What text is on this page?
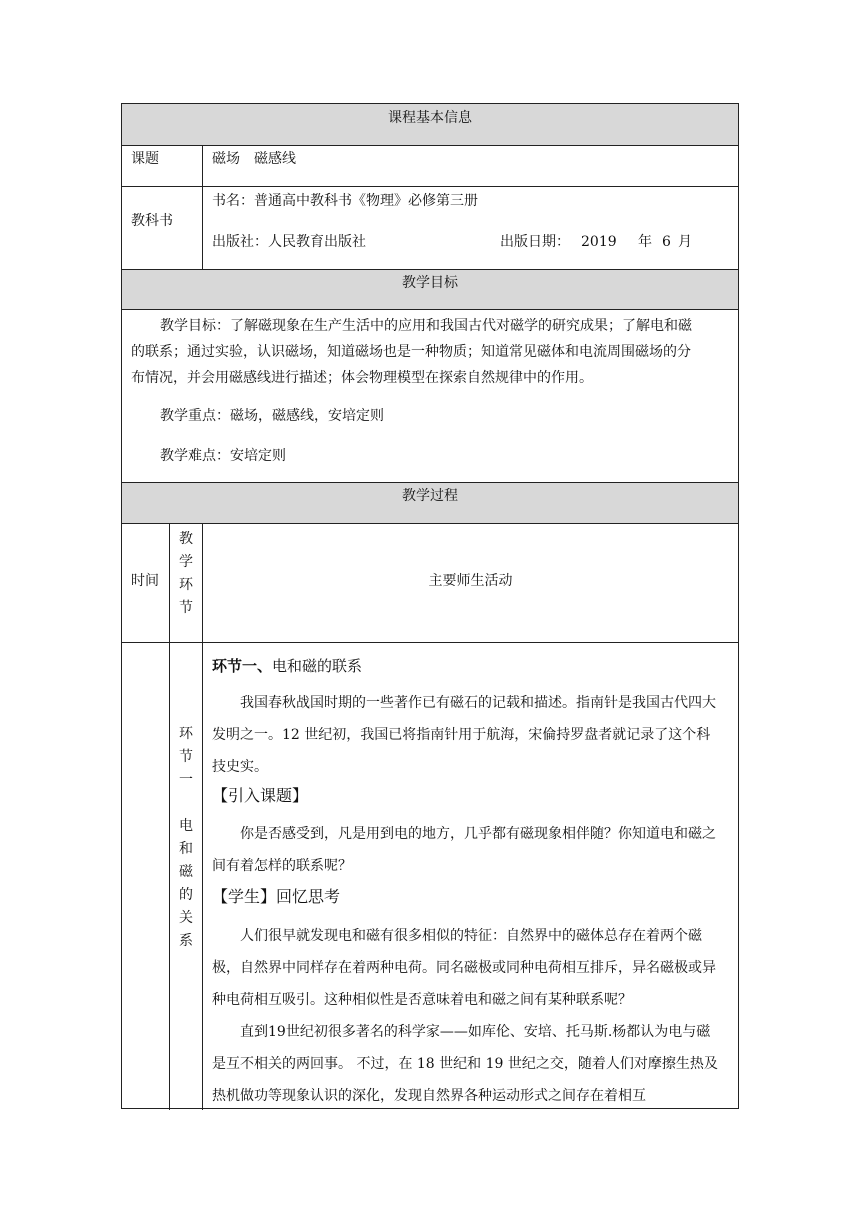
课程基本信息
课题	磁场　磁感线
教科书
书名：普通高中教科书《物理》必修第三册
出版社：人民教育出版社	出版日期： 2019 年 6 月
教学目标
教学目标：了解磁现象在生产生活中的应用和我国古代对磁学的研究成果；了解电和磁
的联系；通过实验，认识磁场，知道磁场也是一种物质；知道常见磁体和电流周围磁场的分
布情况，并会用磁感线进行描述；体会物理模型在探索自然规律中的作用。
教学重点：磁场，磁感线，安培定则
教学难点：安培定则
教学过程
时间
教
学
环
节
主要师生活动
环
节
一
电
和
磁
的
关
系
环节一、电和磁的联系
我国春秋战国时期的一些著作已有磁石的记载和描述。指南针是我国古代四大发明之一。12 世纪初，我国已将指南针用于航海，宋倫持罗盘者就记录了这个科技史实。
【引入课题】
你是否感受到，凡是用到电的地方，几乎都有磁现象相伴随？你知道电和磁之间有着怎样的联系呢？
【学生】回忆思考
人们很早就发现电和磁有很多相似的特征：自然界中的磁体总存在着两个磁极，自然界中同样存在着两种电荷。同名磁极或同种电荷相互排斥，异名磁极或异种电荷相互吸引。这种相似性是否意味着电和磁之间有某种联系呢？
直到19世纪初很多著名的科学家——如库伦、安培、托马斯.杨都认为电与磁是互不相关的两回事。 不过，在 18 世纪和 19 世纪之交，随着人们对摩擦生热及热机做功等现象认识的深化，发现自然界各种运动形式之间存在着相互
